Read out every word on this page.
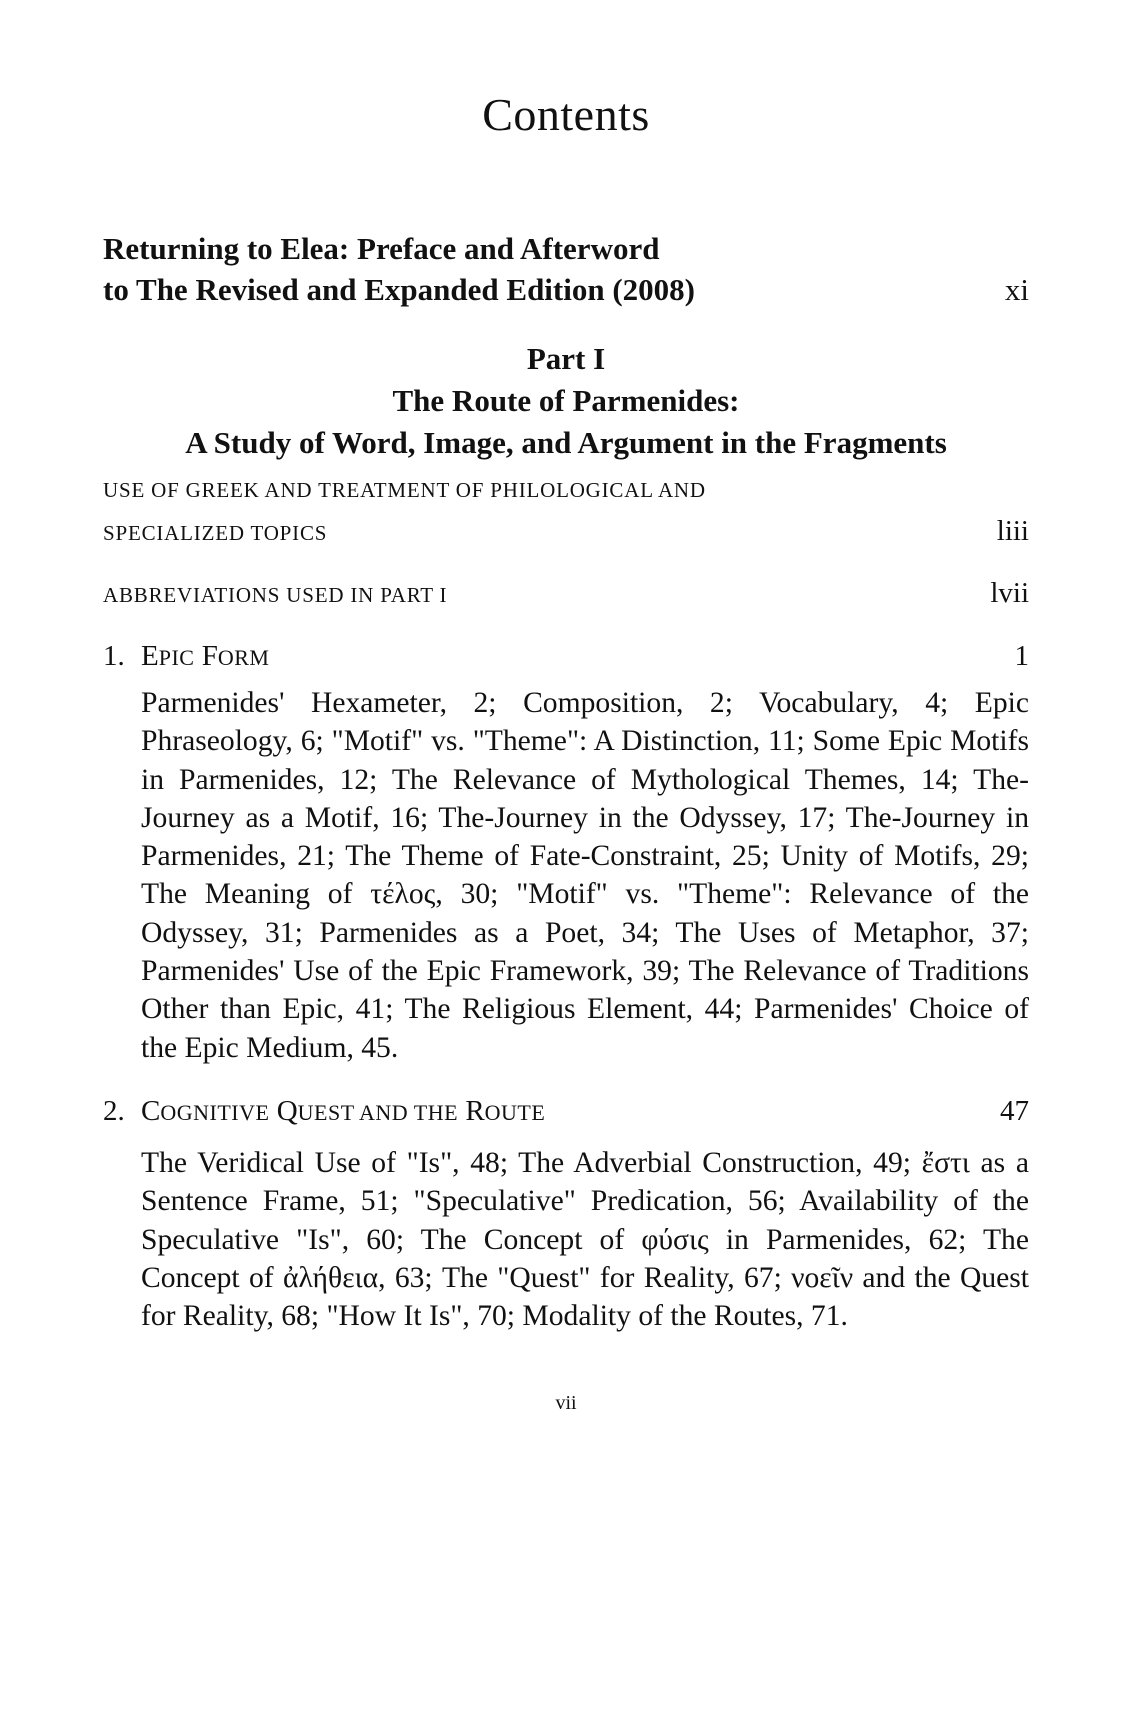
Contents
Returning to Elea: Preface and Afterword
to The Revised and Expanded Edition (2008)	xi
Part I
The Route of Parmenides:
A Study of Word, Image, and Argument in the Fragments
USE OF GREEK AND TREATMENT OF PHILOLOGICAL AND
SPECIALIZED TOPICS	liii
ABBREVIATIONS USED IN PART I	lvii
1. EPIC FORM	1
Parmenides' Hexameter, 2; Composition, 2; Vocabulary, 4; Epic Phraseology, 6; "Motif" vs. "Theme": A Distinction, 11; Some Epic Motifs in Parmenides, 12; The Relevance of Mythological Themes, 14; The-Journey as a Motif, 16; The-Journey in the Odyssey, 17; The-Journey in Parmenides, 21; The Theme of Fate-Constraint, 25; Unity of Motifs, 29; The Meaning of τέλος, 30; "Motif" vs. "Theme": Relevance of the Odyssey, 31; Parmenides as a Poet, 34; The Uses of Metaphor, 37; Parmenides' Use of the Epic Framework, 39; The Relevance of Traditions Other than Epic, 41; The Religious Element, 44; Parmenides' Choice of the Epic Medium, 45.
2. COGNITIVE QUEST AND THE ROUTE	47
The Veridical Use of "Is", 48; The Adverbial Construction, 49; ἔστι as a Sentence Frame, 51; "Speculative" Predication, 56; Availability of the Speculative "Is", 60; The Concept of φύσις in Parmenides, 62; The Concept of ἀλήθεια, 63; The "Quest" for Reality, 67; νοεῖν and the Quest for Reality, 68; "How It Is", 70; Modality of the Routes, 71.
vii
